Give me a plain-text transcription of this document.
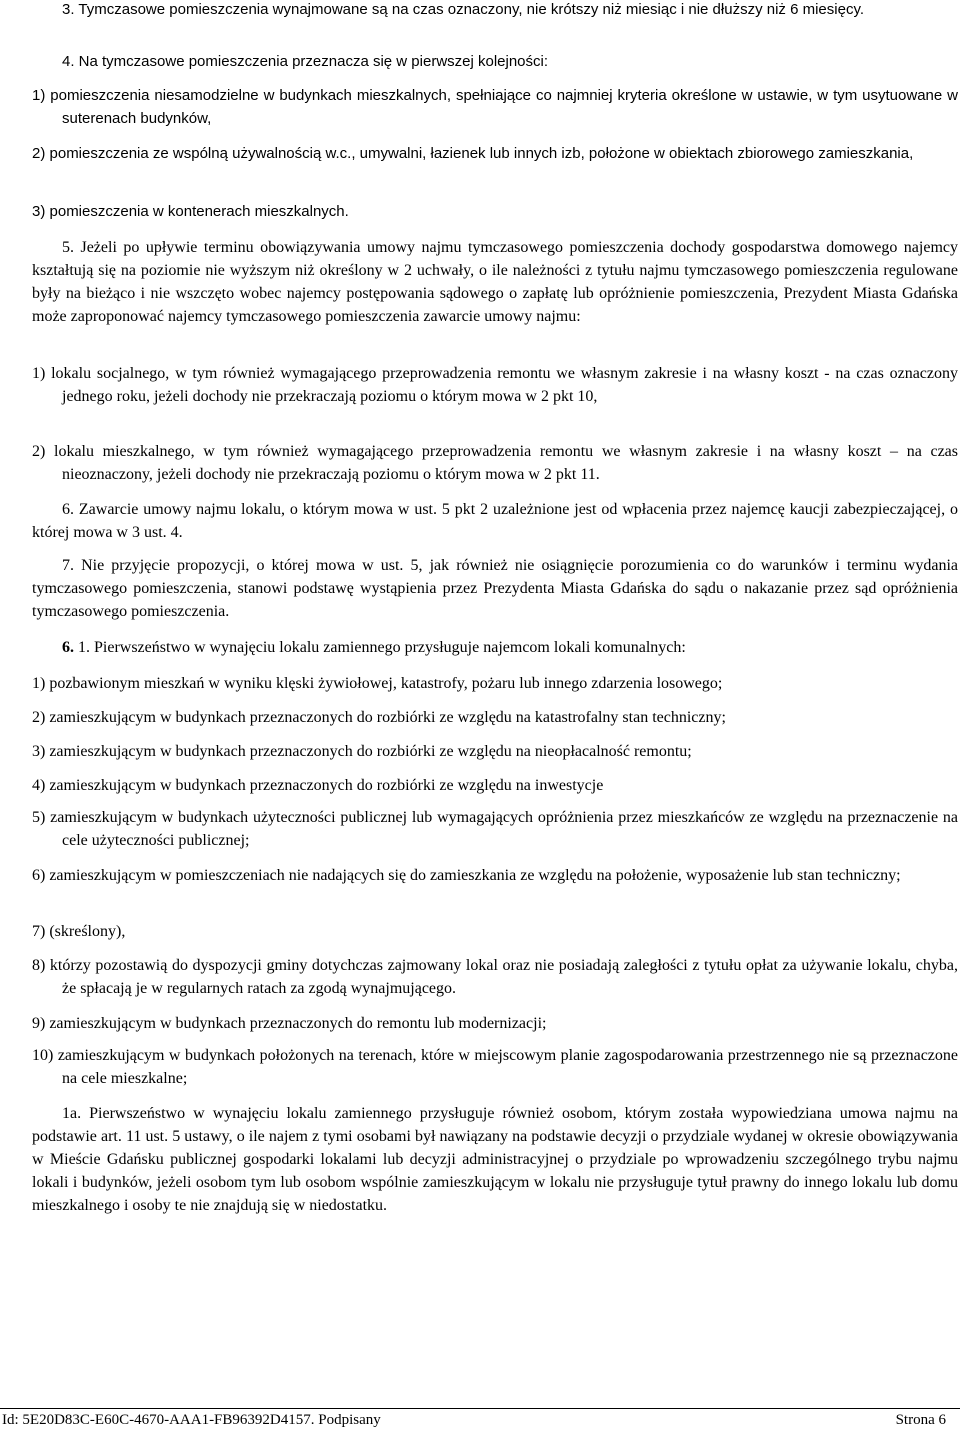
3. Tymczasowe pomieszczenia wynajmowane są na czas oznaczony, nie krótszy niż miesiąc i nie dłuższy niż 6 miesięcy.

4. Na tymczasowe pomieszczenia przeznacza się w pierwszej kolejności:

1) pomieszczenia niesamodzielne w budynkach mieszkalnych, spełniające co najmniej kryteria określone w ustawie, w tym usytuowane w suterenach budynków,

2) pomieszczenia ze wspólną używalnością w.c., umywalni, łazienek lub innych izb, położone w obiektach zbiorowego zamieszkania,

3) pomieszczenia w kontenerach mieszkalnych.

5. Jeżeli po upływie terminu obowiązywania umowy najmu tymczasowego pomieszczenia dochody gospodarstwa domowego najemcy kształtują się na poziomie nie wyższym niż określony w 2 uchwały, o ile należności z tytułu najmu tymczasowego pomieszczenia regulowane były na bieżąco i nie wszczęto wobec najemcy postępowania sądowego o zapłatę lub opróżnienie pomieszczenia, Prezydent Miasta Gdańska może zaproponować najemcy tymczasowego pomieszczenia zawarcie umowy najmu:

1) lokalu socjalnego, w tym również wymagającego przeprowadzenia remontu we własnym zakresie i na własny koszt - na czas oznaczony jednego roku, jeżeli dochody nie przekraczają poziomu o którym mowa w 2 pkt 10,

2) lokalu mieszkalnego, w tym również wymagającego przeprowadzenia remontu we własnym zakresie i na własny koszt – na czas nieoznaczony, jeżeli dochody nie przekraczają poziomu o którym mowa w 2 pkt 11.

6. Zawarcie umowy najmu lokalu, o którym mowa w ust. 5 pkt 2 uzależnione jest od wpłacenia przez najemcę kaucji zabezpieczającej, o której mowa w 3 ust. 4.

7. Nie przyjęcie propozycji, o której mowa w ust. 5, jak również nie osiągnięcie porozumienia co do warunków i terminu wydania tymczasowego pomieszczenia, stanowi podstawę wystąpienia przez Prezydenta Miasta Gdańska do sądu o nakazanie przez sąd opróżnienia tymczasowego pomieszczenia.

6. 1. Pierwszeństwo w wynajęciu lokalu zamiennego przysługuje najemcom lokali komunalnych:

1) pozbawionym mieszkań w wyniku klęski żywiołowej, katastrofy, pożaru lub innego zdarzenia losowego;

2) zamieszkującym w budynkach przeznaczonych do rozbiórki ze względu na katastrofalny stan techniczny;

3) zamieszkującym w budynkach przeznaczonych do rozbiórki ze względu na nieopłacalność remontu;

4) zamieszkującym w budynkach przeznaczonych do rozbiórki ze względu na inwestycje

5) zamieszkującym w budynkach użyteczności publicznej lub wymagających opróżnienia przez mieszkańców ze względu na przeznaczenie na cele użyteczności publicznej;

6) zamieszkującym w pomieszczeniach nie nadających się do zamieszkania ze względu na położenie, wyposażenie lub stan techniczny;

7) (skreślony),

8) którzy pozostawią do dyspozycji gminy dotychczas zajmowany lokal oraz nie posiadają zaległości z tytułu opłat za używanie lokalu, chyba, że spłacają je w regularnych ratach za zgodą wynajmującego.

9) zamieszkującym w budynkach przeznaczonych do remontu lub modernizacji;

10) zamieszkującym w budynkach położonych na terenach, które w miejscowym planie zagospodarowania przestrzennego nie są przeznaczone na cele mieszkalne;

1a. Pierwszeństwo w wynajęciu lokalu zamiennego przysługuje również osobom, którym została wypowiedziana umowa najmu na podstawie art. 11 ust. 5 ustawy, o ile najem z tymi osobami był nawiązany na podstawie decyzji o przydziale wydanej w okresie obowiązywania w Mieście Gdańsku publicznej gospodarki lokalami lub decyzji administracyjnej o przydziale po wprowadzeniu szczególnego trybu najmu lokali i budynków, jeżeli osobom tym lub osobom wspólnie zamieszkującym w lokalu nie przysługuje tytuł prawny do innego lokalu lub domu mieszkalnego i osoby te nie znajdują się w niedostatku.

Id: 5E20D83C-E60C-4670-AAA1-FB96392D4157. Podpisany	Strona 6
